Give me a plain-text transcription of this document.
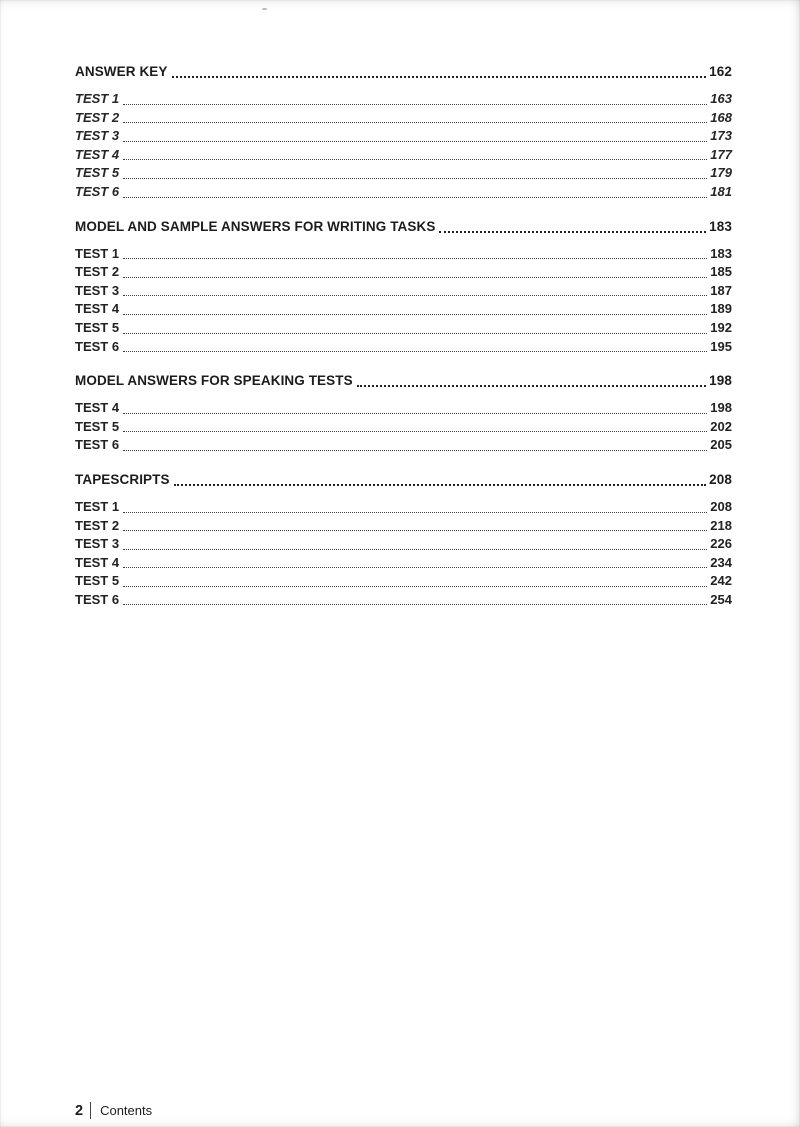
ANSWER KEY	162
TEST 1	163
TEST 2	168
TEST 3	173
TEST 4	177
TEST 5	179
TEST 6	181
MODEL AND SAMPLE ANSWERS FOR WRITING TASKS	183
TEST 1	183
TEST 2	185
TEST 3	187
TEST 4	189
TEST 5	192
TEST 6	195
MODEL ANSWERS FOR SPEAKING TESTS	198
TEST 4	198
TEST 5	202
TEST 6	205
TAPESCRIPTS	208
TEST 1	208
TEST 2	218
TEST 3	226
TEST 4	234
TEST 5	242
TEST 6	254
2 Contents
